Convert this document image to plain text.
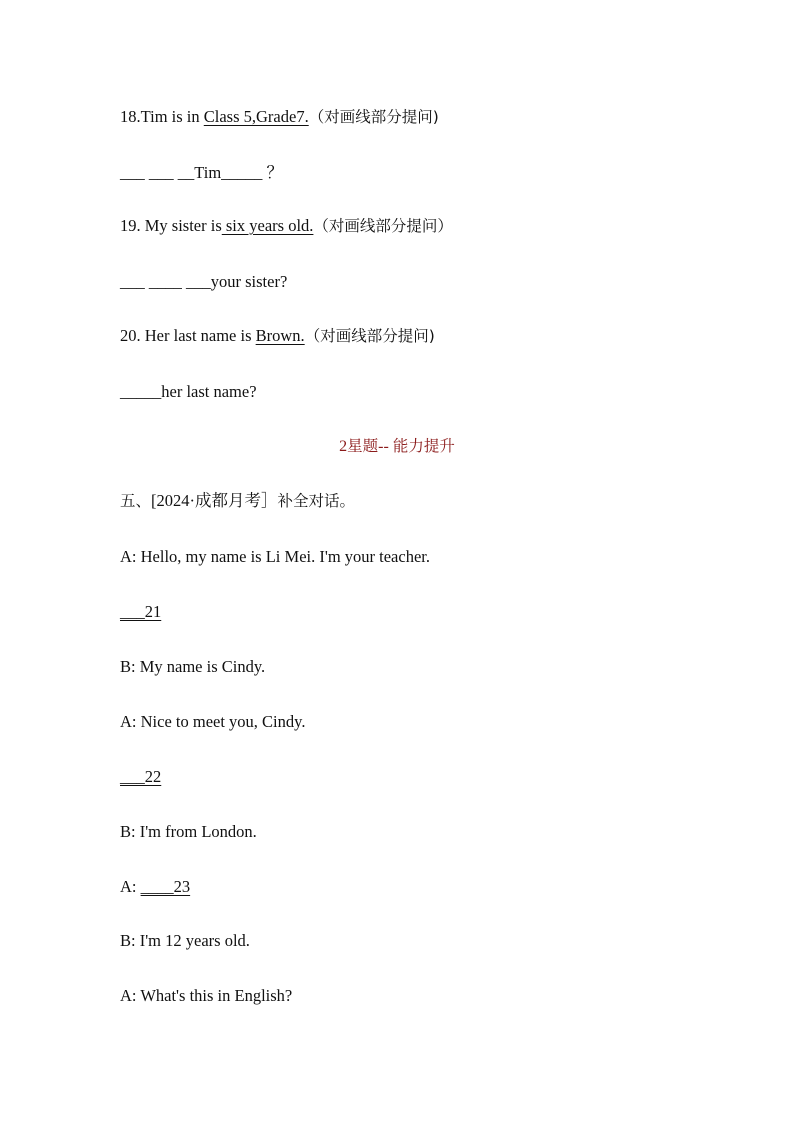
18.Tim is in Class 5,Grade7.（对画线部分提问)
___ ___ __Tim_____ ？
19. My sister is six years old.（对画线部分提问）
___ ____ ___your sister?
20. Her last name is Brown.（对画线部分提问)
_____her last name?
2星题-- 能力提升
五、[2024·成都月考］补全对话。
A: Hello, my name is Li Mei. I'm your teacher.
___21
B: My name is Cindy.
A: Nice to meet you, Cindy.
___22
B: I'm from London.
A: ____23
B: I'm 12 years old.
A: What's this in English?
